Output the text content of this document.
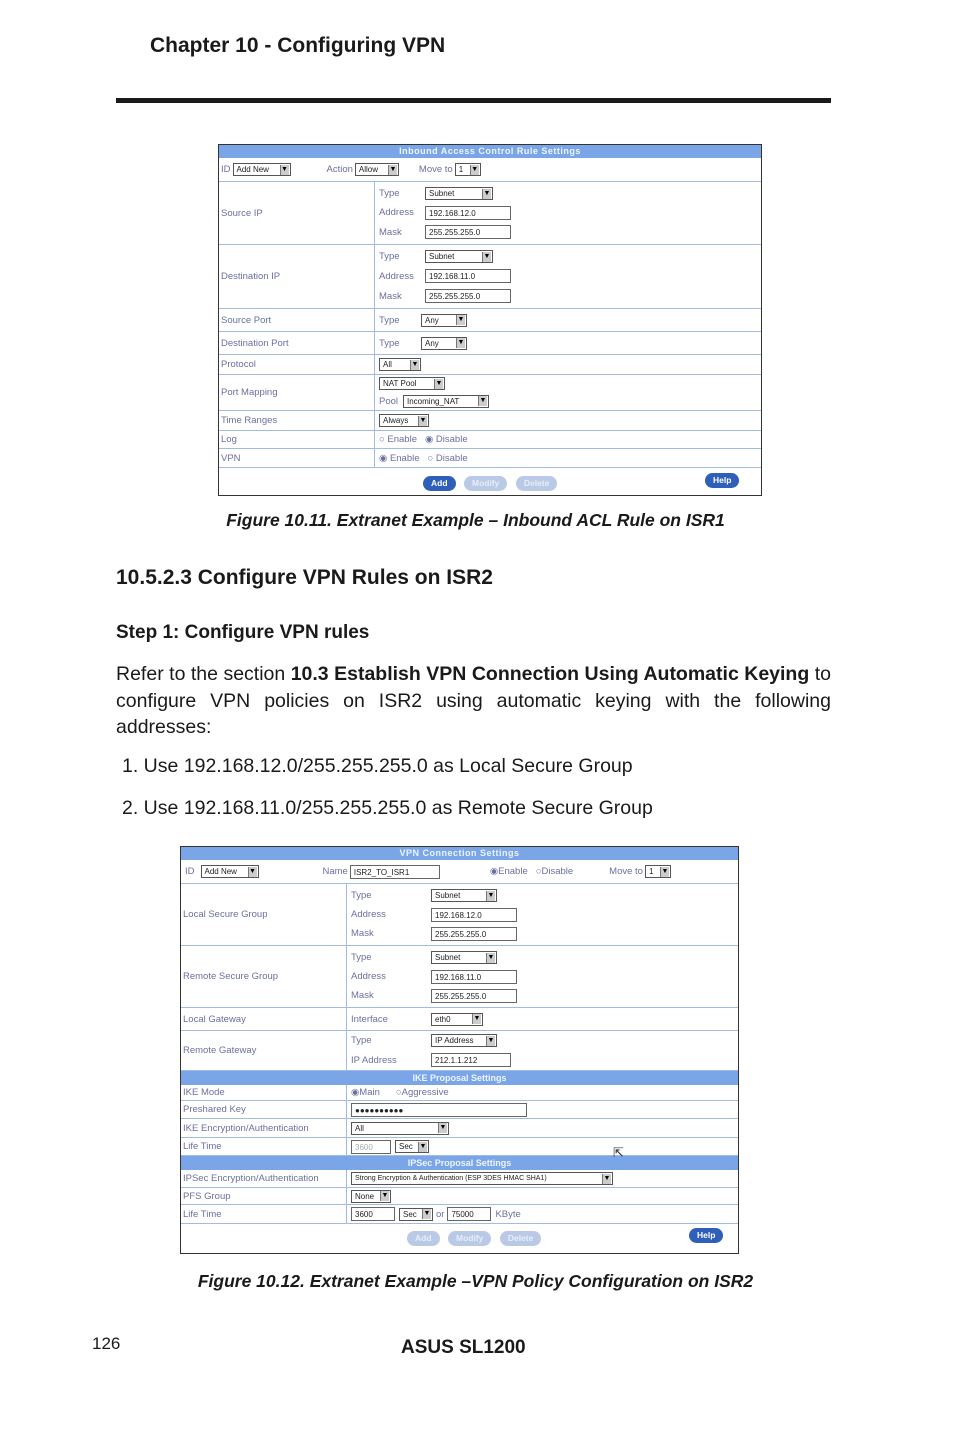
Chapter 10 - Configuring VPN
Inbound Access Control Rule Settings
ID Add New ▼	Action Allow ▼ Move to 1 ▼
Source IP
Type	Subnet	▼
Address	192.168.12.0
Mask	255.255.255.0
Destination IP
Type	Subnet	▼
Address	192.168.11.0
Mask	255.255.255.0
Source Port	Type	Any	▼
Destination Port	Type	Any	▼
Protocol	All	▼
Port Mapping
NAT Pool	▼
Pool	Incoming_NAT	▼
Time Ranges	Always ▼
Log	○ Enable ◉ Disable
VPN	◉ Enable ○ Disable
Add	Modify	Delete	Help
Figure 10.11. Extranet Example – Inbound ACL Rule on ISR1
10.5.2.3 Configure VPN Rules on ISR2
Step 1: Configure VPN rules
Refer to the section 10.3 Establish VPN Connection Using Automatic Keying to configure VPN policies on ISR2 using automatic keying with the following addresses:
1. Use 192.168.12.0/255.255.255.0 as Local Secure Group
2. Use 192.168.11.0/255.255.255.0 as Remote Secure Group
VPN Connection Settings
ID Add New ▼	Name ISR2_TO_ISR1	◉Enable ○Disable	Move to 1 ▼
Local Secure Group
Type	Subnet	▼
Address	192.168.12.0
Mask	255.255.255.0
Remote Secure Group
Type	Subnet	▼
Address	192.168.11.0
Mask	255.255.255.0
Local Gateway	Interface	eth0	▼
Remote Gateway
Type	IP Address ▼
IP Address	212.1.1.212
IKE Proposal Settings
IKE Mode	◉Main ○Aggressive
Preshared Key	●●●●●●●●●●
IKE Encryption/Authentication	All	▼
Life Time	3600	Sec ▼
IPSec Proposal Settings
IPSec Encryption/Authentication	Strong Encryption & Authentication (ESP 3DES HMAC SHA1)	▼
PFS Group	None ▼
Life Time	3600	Sec ▼ or 75000	KByte
Add	Modify	Delete	Help
⇱
Figure 10.12. Extranet Example –VPN Policy Configuration on ISR2
126	ASUS SL1200
